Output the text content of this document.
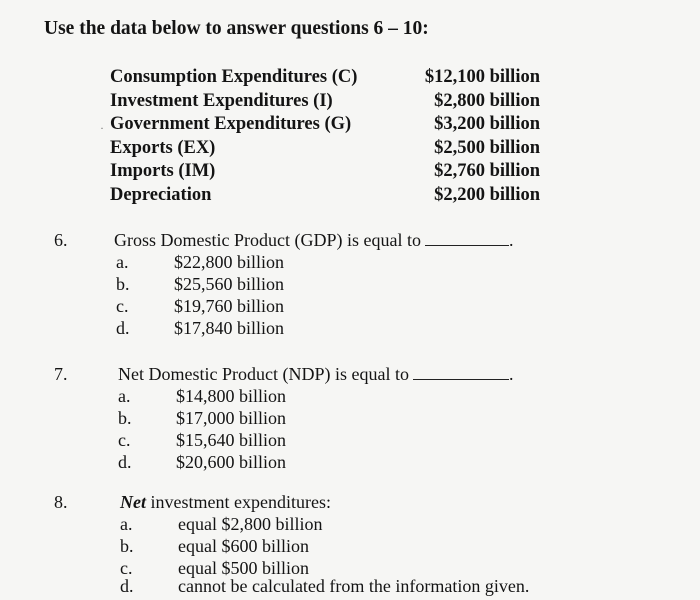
Use the data below to answer questions 6 – 10:
·
Consumption Expenditures (C)	$12,100 billion
Investment Expenditures (I)	$2,800 billion
Government Expenditures (G)	$3,200 billion
Exports (EX)	$2,500 billion
Imports (IM)	$2,760 billion
Depreciation	$2,200 billion
6.	Gross Domestic Product (GDP) is equal to	.
a.	$22,800 billion
b. $25,560 billion
c.	$19,760 billion
d. $17,840 billion
7.	Net Domestic Product (NDP) is equal to	.
a.	$14,800 billion
b. $17,000 billion
c.	$15,640 billion
d. $20,600 billion
8.	Net investment expenditures:
a.	equal $2,800 billion
b. equal $600 billion
c.	equal $500 billion
d. cannot be calculated from the information given.
